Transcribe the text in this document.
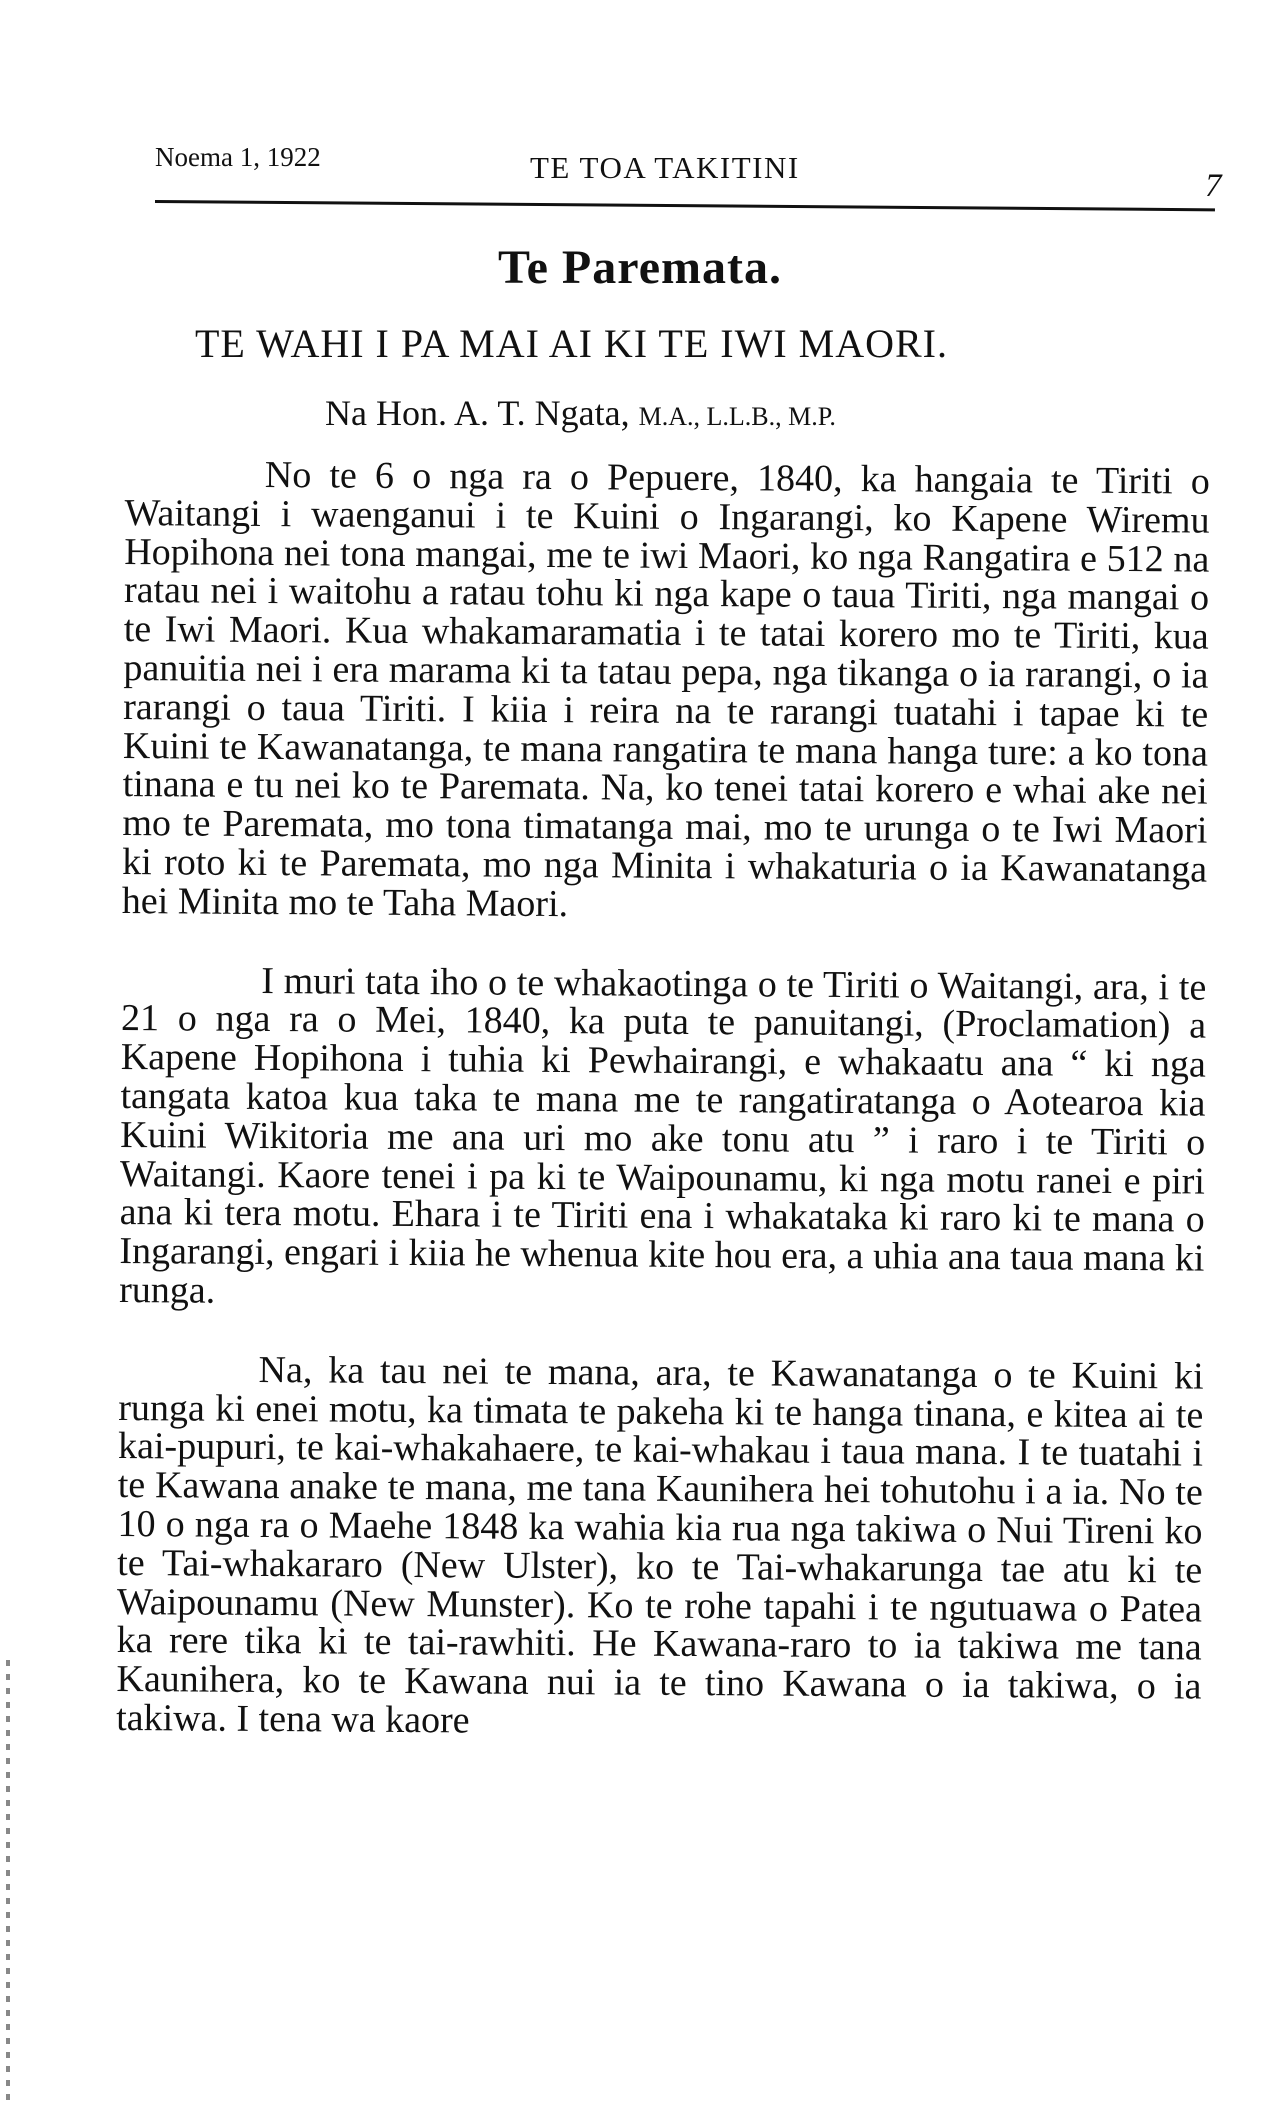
Noema 1, 1922	TE TOA TAKITINI
7
Te Paremata.
TE WAHI I PA MAI AI KI TE IWI MAORI.
Na Hon. A. T. Ngata, M.A., L.L.B., M.P.

No te 6 o nga ra o Pepuere, 1840, ka hangaia te Tiriti o Waitangi i waenganui i te Kuini o Ingarangi, ko Kapene Wiremu Hopihona nei tona mangai, me te iwi Maori, ko nga Rangatira e 512 na ratau nei i waitohu a ratau tohu ki nga kape o taua Tiriti, nga mangai o te Iwi Maori. Kua whakamaramatia i te tatai korero mo te Tiriti, kua panuitia nei i era marama ki ta tatau pepa, nga tikanga o ia rarangi, o ia rarangi o taua Tiriti. I kiia i reira na te rarangi tuatahi i tapae ki te Kuini te Kawanatanga, te mana rangatira te mana hanga ture: a ko tona tinana e tu nei ko te Paremata. Na, ko tenei tatai korero e whai ake nei mo te Paremata, mo tona timatanga mai, mo te urunga o te Iwi Maori ki roto ki te Paremata, mo nga Minita i whakaturia o ia Kawanatanga hei Minita mo te Taha Maori.

I muri tata iho o te whakaotinga o te Tiriti o Waitangi, ara, i te 21 o nga ra o Mei, 1840, ka puta te panuitangi, (Proclamation) a Kapene Hopihona i tuhia ki Pewhairangi, e whakaatu ana “ ki nga tangata katoa kua taka te mana me te rangatiratanga o Aotearoa kia Kuini Wikitoria me ana uri mo ake tonu atu ” i raro i te Tiriti o Waitangi. Kaore tenei i pa ki te Waipounamu, ki nga motu ranei e piri ana ki tera motu. Ehara i te Tiriti ena i whakataka ki raro ki te mana o Ingarangi, engari i kiia he whenua kite hou era, a uhia ana taua mana ki runga.

Na, ka tau nei te mana, ara, te Kawanatanga o te Kuini ki runga ki enei motu, ka timata te pakeha ki te hanga tinana, e kitea ai te kai-pupuri, te kai-whakahaere, te kai-whakau i taua mana. I te tuatahi i te Kawana anake te mana, me tana Kaunihera hei tohutohu i a ia. No te 10 o nga ra o Maehe 1848 ka wahia kia rua nga takiwa o Nui Tireni ko te Tai-whakararo (New Ulster), ko te Tai-whakarunga tae atu ki te Waipounamu (New Munster). Ko te rohe tapahi i te ngutuawa o Patea ka rere tika ki te tai-rawhiti. He Kawana-raro to ia takiwa me tana Kaunihera, ko te Kawana nui ia te tino Kawana o ia takiwa, o ia takiwa. I tena wa kaore
